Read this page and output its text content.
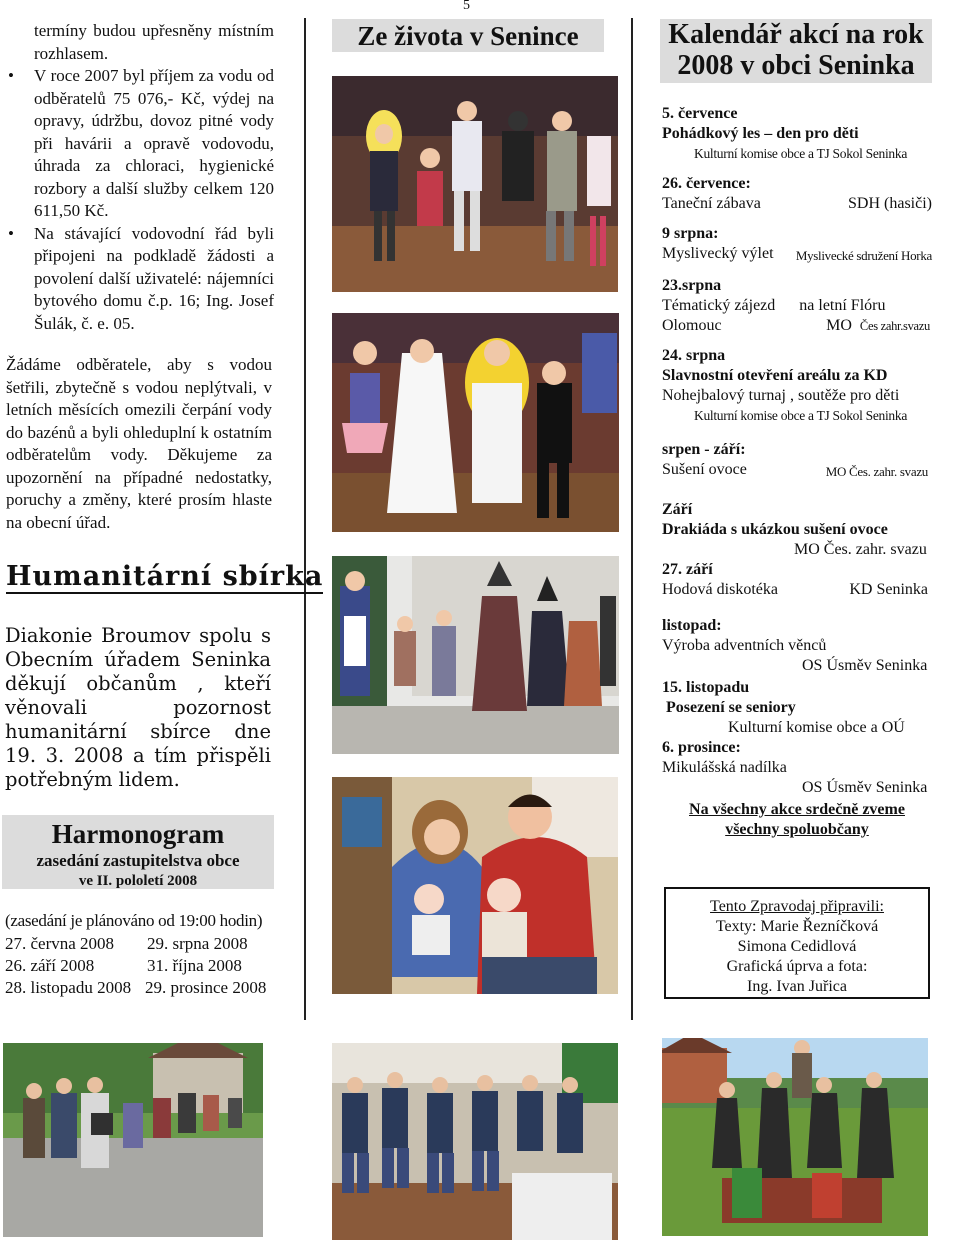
5
termíny budou upřesněny místním rozhlasem.
• V roce 2007 byl příjem za vodu od odběratelů 75 076,- Kč, výdej na opravy, údržbu, dovoz pitné vody při havárii a opravě vodovodu, úhrada za chloraci, hygienické rozbory a další služby celkem 120 611,50 Kč.
• Na stávající vodovodní řád byli připojeni na podkladě žádosti a povolení další uživatelé: nájemníci bytového domu č.p. 16; Ing. Josef Šulák, č. e. 05.
Žádáme odběratele, aby s vodou šetřili, zbytečně s vodou neplýtvali, v letních měsících omezili čerpání vody do bazénů a byli ohleduplní k ostatním odběratelům vody. Děkujeme za upozornění na případné nedostatky, poruchy a změny, které prosím hlaste na obecní úřad.
Humanitární sbírka
Diakonie Broumov spolu s Obecním úřadem Seninka děkují občanům , kteří věnovali pozornost humanitární sbírce dne 19. 3. 2008 a tím přispěli potřebným lidem.
Harmonogram
zasedání zastupitelstva obce
ve II. pololetí 2008
(zasedání je plánováno od 19:00 hodin)
27. června 2008 29. srpna 2008
26. září 2008	31. října 2008
28. listopadu 2008 29. prosince 2008
Ze života v Senince	Kalendář akcí na rok
2008 v obci Seninka
5. července
Pohádkový les – den pro děti
Kulturní komise obce a TJ Sokol Seninka
26. července:
Taneční zábava	SDH (hasiči)
9 srpna:
Myslivecký výlet Myslivecké sdružení Horka
23.srpna
Tématický zájezd na letní Flóru
Olomouc	MO Čes zahr.svazu
24. srpna
Slavnostní otevření areálu za KD
Nohejbalový turnaj , soutěže pro děti
Kulturní komise obce a TJ Sokol Seninka
srpen - září:
Sušení ovoce	MO Čes. zahr. svazu
Září
Drakiáda s ukázkou sušení ovoce
MO Čes. zahr. svazu
27. září
Hodová diskotéka	KD Seninka
listopad:
Výroba adventních věnců
OS Úsměv Seninka
15. listopadu
Posezení se seniory
Kulturní komise obce a OÚ
6. prosince:
Mikulášská nadílka
OS Úsměv Seninka
Na všechny akce srdečně zveme
všechny spoluobčany
Tento Zpravodaj připravili:
Texty: Marie Řezníčková
Simona Cedidlová
Grafická úprva a fota:
Ing. Ivan Juřica
